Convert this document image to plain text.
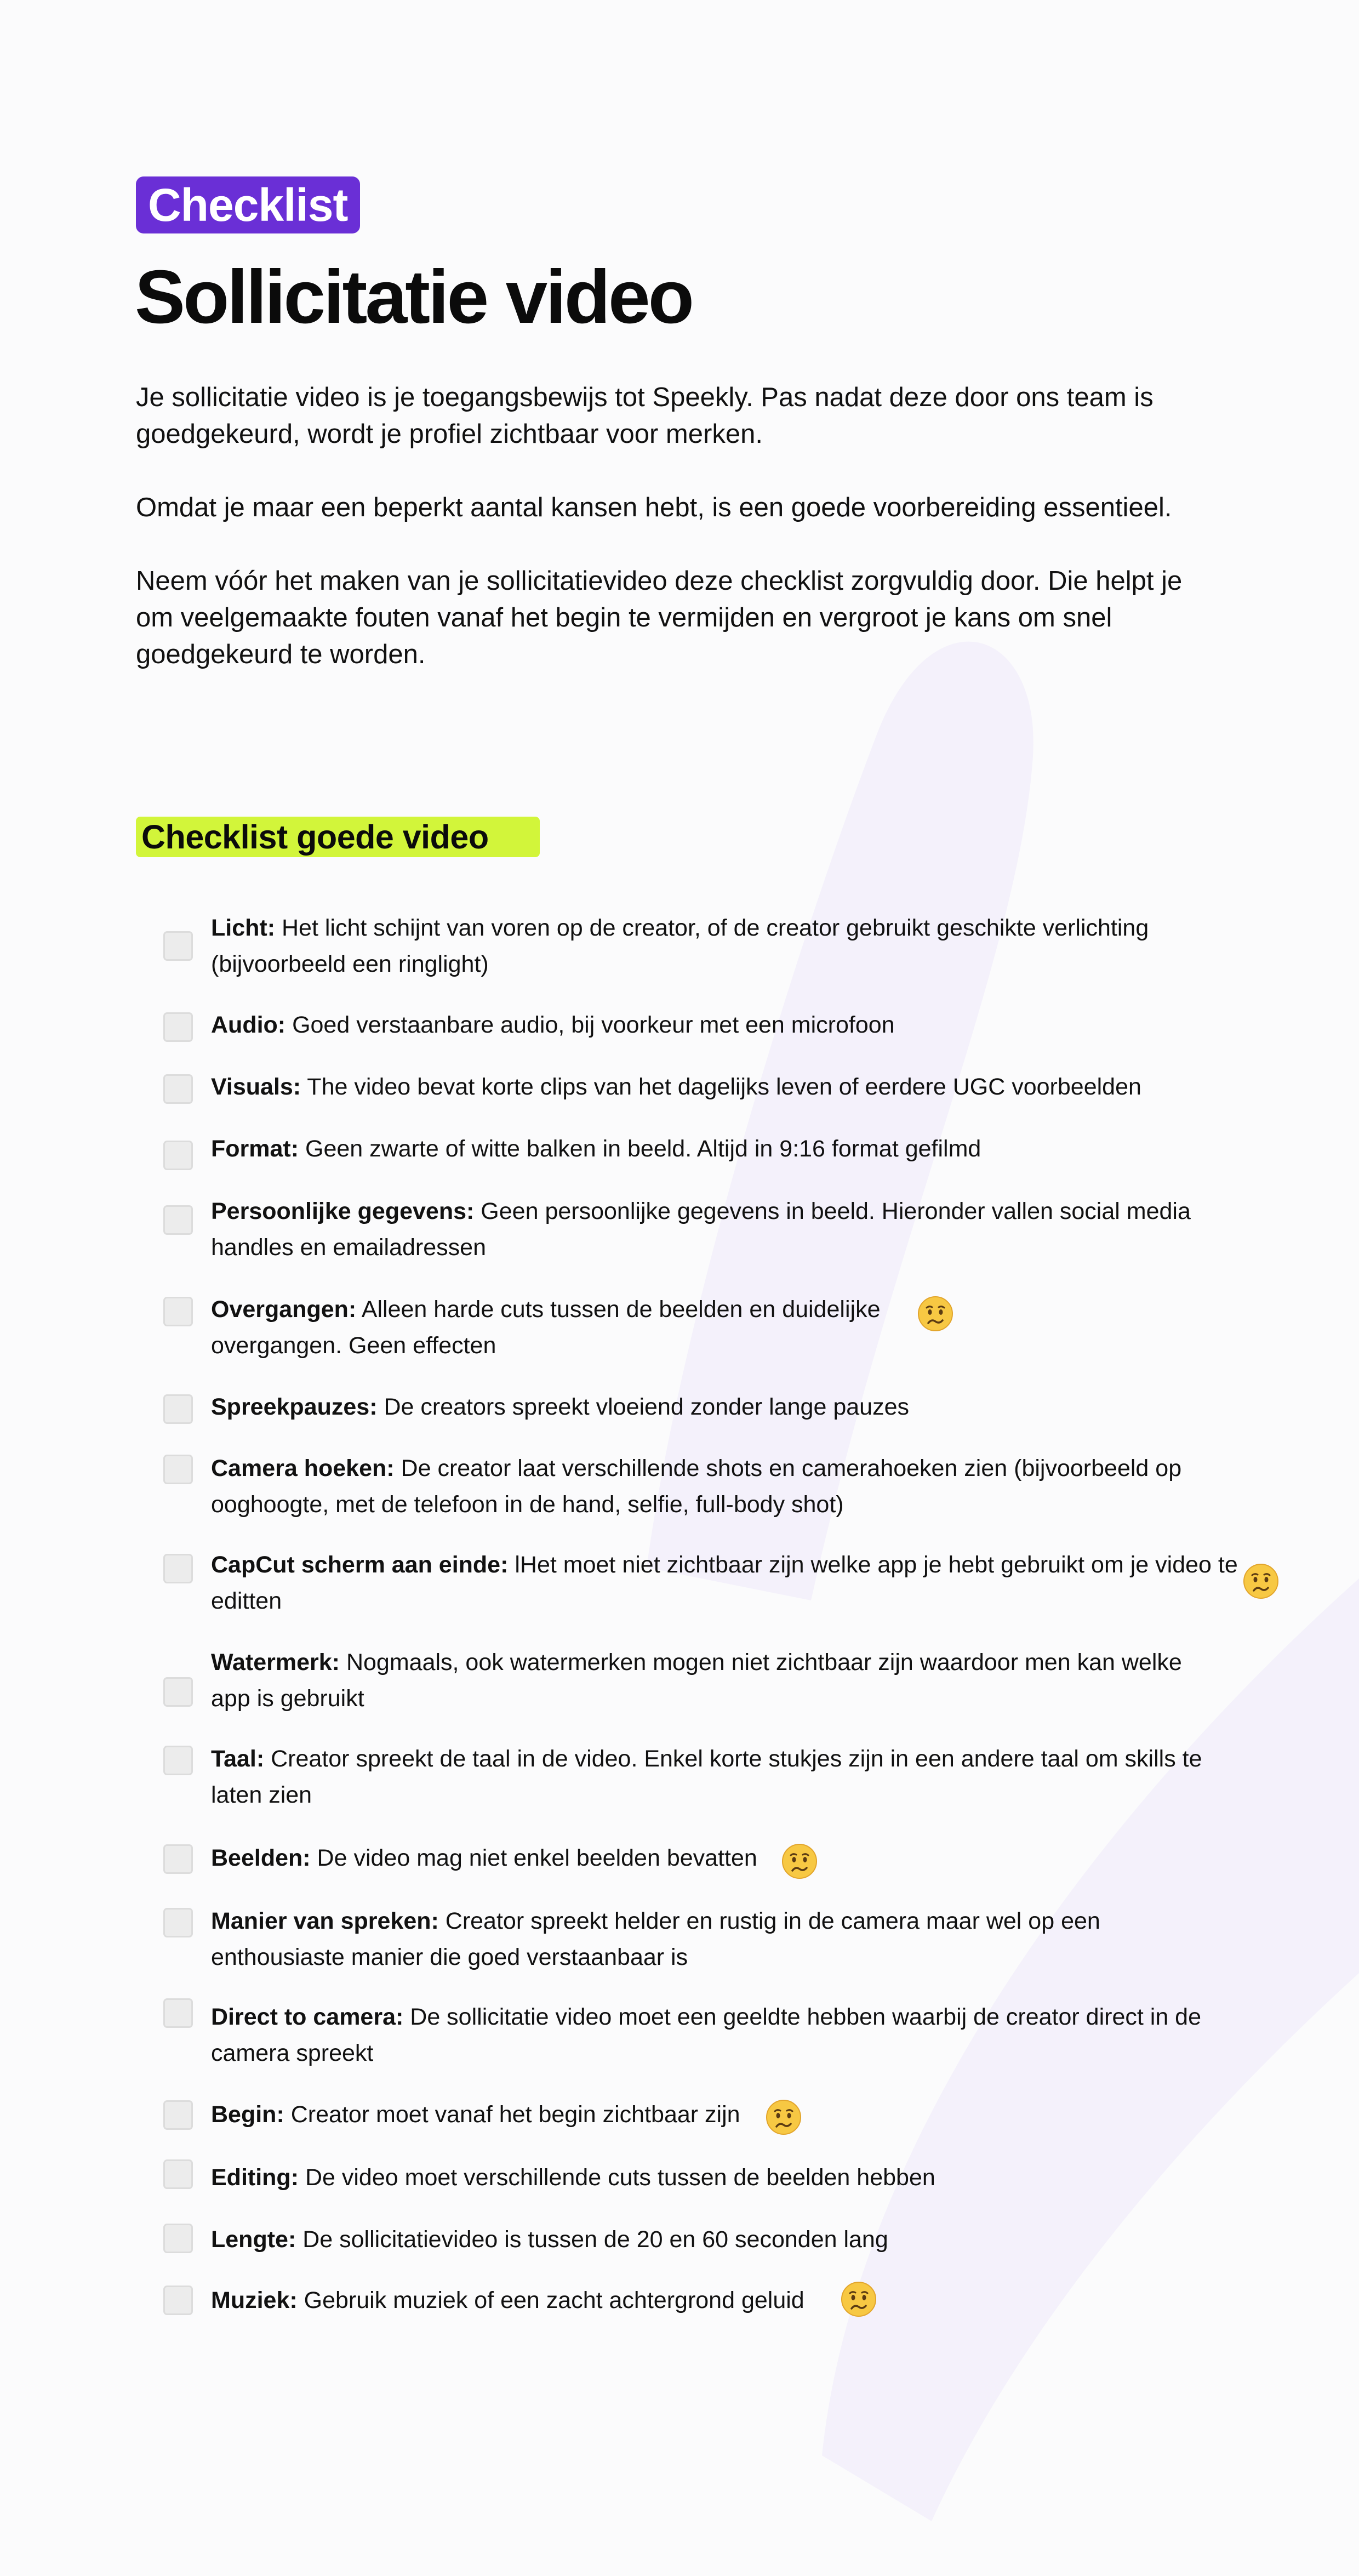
Checklist
Sollicitatie video

Je sollicitatie video is je toegangsbewijs tot Speekly. Pas nadat deze door ons team is goedgekeurd, wordt je profiel zichtbaar voor merken.

Omdat je maar een beperkt aantal kansen hebt, is een goede voorbereiding essentieel.

Neem vóór het maken van je sollicitatievideo deze checklist zorgvuldig door. Die helpt je om veelgemaakte fouten vanaf het begin te vermijden en vergroot je kans om snel goedgekeurd te worden.

Checklist goede video

Licht: Het licht schijnt van voren op de creator, of de creator gebruikt geschikte verlichting (bijvoorbeeld een ringlight)

Audio: Goed verstaanbare audio, bij voorkeur met een microfoon

Visuals: The video bevat korte clips van het dagelijks leven of eerdere UGC voorbeelden

Format: Geen zwarte of witte balken in beeld. Altijd in 9:16 format gefilmd

Persoonlijke gegevens: Geen persoonlijke gegevens in beeld. Hieronder vallen social media handles en emailadressen

Overgangen: Alleen harde cuts tussen de beelden en duidelijke overgangen. Geen effecten

Spreekpauzes: De creators spreekt vloeiend zonder lange pauzes

Camera hoeken: De creator laat verschillende shots en camerahoeken zien (bijvoorbeeld op ooghoogte, met de telefoon in de hand, selfie, full-body shot)

CapCut scherm aan einde: lHet moet niet zichtbaar zijn welke app je hebt gebruikt om je video te editten

Watermerk: Nogmaals, ook watermerken mogen niet zichtbaar zijn waardoor men kan welke app is gebruikt

Taal: Creator spreekt de taal in de video. Enkel korte stukjes zijn in een andere taal om skills te laten zien

Beelden: De video mag niet enkel beelden bevatten

Manier van spreken: Creator spreekt helder en rustig in de camera maar wel op een enthousiaste manier die goed verstaanbaar is

Direct to camera: De sollicitatie video moet een geeldte hebben waarbij de creator direct in de camera spreekt

Begin: Creator moet vanaf het begin zichtbaar zijn

Editing: De video moet verschillende cuts tussen de beelden hebben

Lengte: De sollicitatievideo is tussen de 20 en 60 seconden lang

Muziek: Gebruik muziek of een zacht achtergrond geluid
